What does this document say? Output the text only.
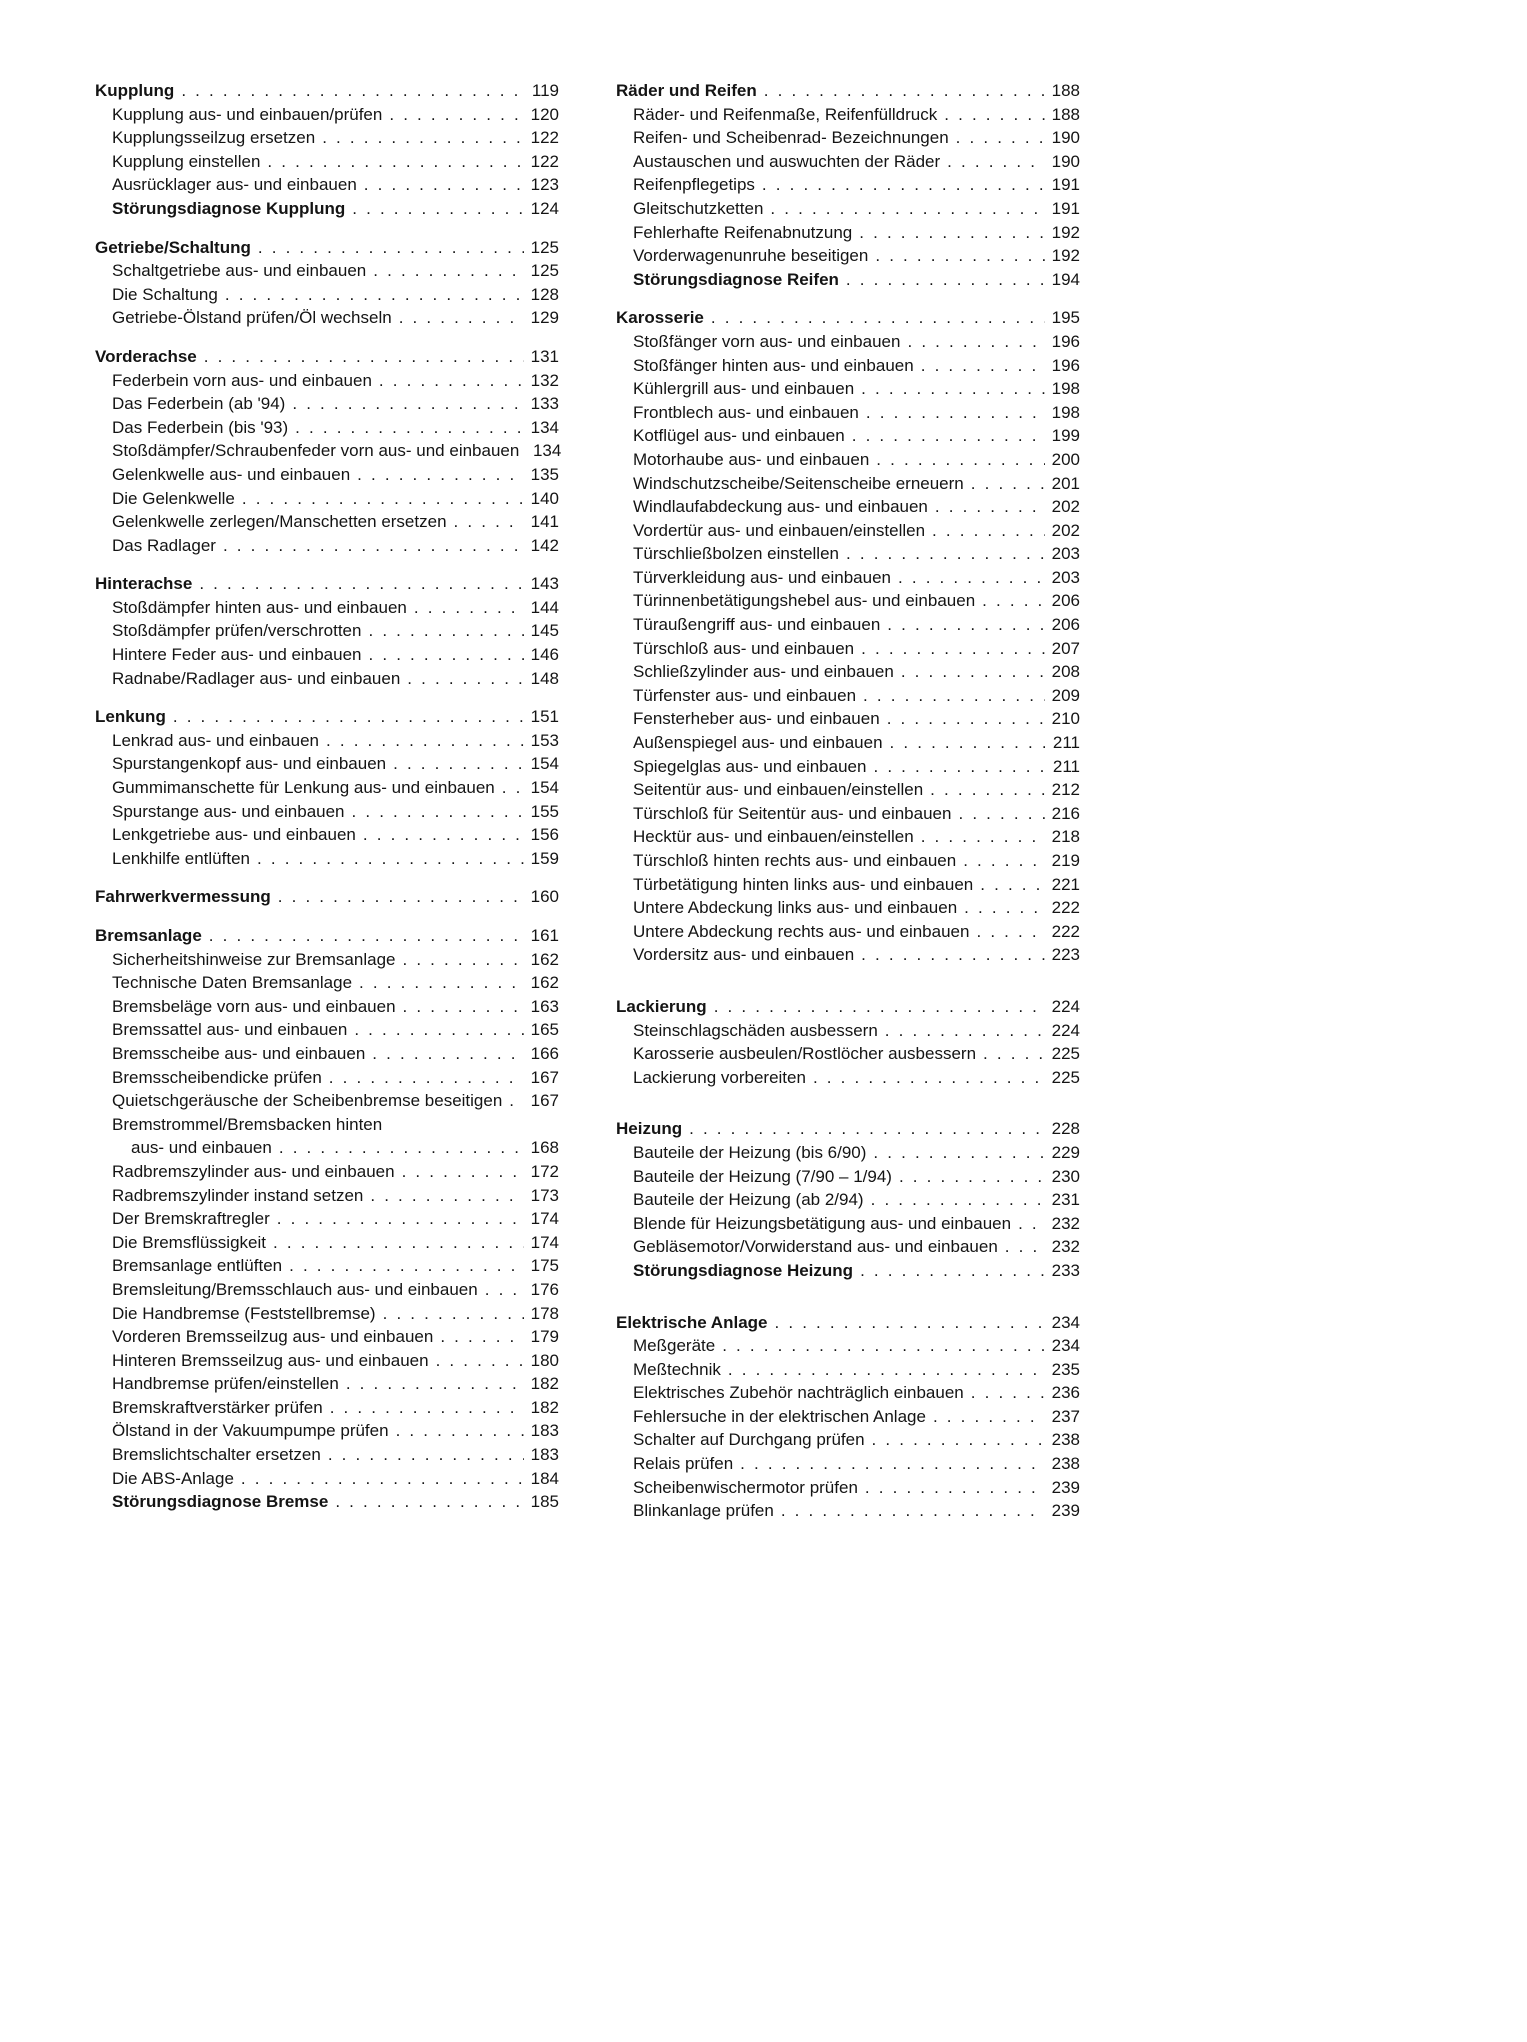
Kupplung . . .	119
Kupplung aus- und einbauen/prüfen . . .	120
Kupplungsseilzug ersetzen . . .	122
Kupplung einstellen . . .	122
Ausrücklager aus- und einbauen . . .	123
Störungsdiagnose Kupplung . . .	124
Getriebe/Schaltung . . .	125
Schaltgetriebe aus- und einbauen . . .	125
Die Schaltung . . .	128
Getriebe-Ölstand prüfen/Öl wechseln . . .	129
Vorderachse . . .	131
Federbein vorn aus- und einbauen . . .	132
Das Federbein (ab '94) . . .	133
Das Federbein (bis '93) . . .	134
Stoßdämpfer/Schraubenfeder vorn aus- und einbauen 134
Gelenkwelle aus- und einbauen . . .	135
Die Gelenkwelle . . .	140
Gelenkwelle zerlegen/Manschetten ersetzen . . .	141
Das Radlager . . .	142
Hinterachse . . .	143
Stoßdämpfer hinten aus- und einbauen . . .	144
Stoßdämpfer prüfen/verschrotten . . .	145
Hintere Feder aus- und einbauen . . .	146
Radnabe/Radlager aus- und einbauen . . .	148
Lenkung . . .	151
Lenkrad aus- und einbauen . . .	153
Spurstangenkopf aus- und einbauen . . .	154
Gummimanschette für Lenkung aus- und einbauen . . . 154
Spurstange aus- und einbauen . . .	155
Lenkgetriebe aus- und einbauen . . .	156
Lenkhilfe entlüften . . .	159
Fahrwerkvermessung . . .	160
Bremsanlage . . .	161
Sicherheitshinweise zur Bremsanlage . . .	162
Technische Daten Bremsanlage . . .	162
Bremsbeläge vorn aus- und einbauen . . .	163
Bremssattel aus- und einbauen . . .	165
Bremsscheibe aus- und einbauen . . .	166
Bremsscheibendicke prüfen . . .	167
Quietschgeräusche der Scheibenbremse beseitigen . . . 167
Bremstrommel/Bremsbacken hinten
aus- und einbauen . . .	168
Radbremszylinder aus- und einbauen . . .	172
Radbremszylinder instand setzen . . .	173
Der Bremskraftregler . . .	174
Die Bremsflüssigkeit . . .	174
Bremsanlage entlüften . . .	175
Bremsleitung/Bremsschlauch aus- und einbauen . . .	176
Die Handbremse (Feststellbremse) . . .	178
Vorderen Bremsseilzug aus- und einbauen . . .	179
Hinteren Bremsseilzug aus- und einbauen . . .	180
Handbremse prüfen/einstellen . . .	182
Bremskraftverstärker prüfen . . .	182
Ölstand in der Vakuumpumpe prüfen . . .	183
Bremslichtschalter ersetzen . . .	183
Die ABS-Anlage . . .	184
Störungsdiagnose Bremse . . .	185
Räder und Reifen . . .	188
Räder- und Reifenmaße, Reifenfülldruck . . .	188
Reifen- und Scheibenrad- Bezeichnungen . . .	190
Austauschen und auswuchten der Räder . . .	190
Reifenpflegetips . . .	191
Gleitschutzketten . . .	191
Fehlerhafte Reifenabnutzung . . .	192
Vorderwagenunruhe beseitigen . . .	192
Störungsdiagnose Reifen . . .	194
Karosserie . . .	195
Stoßfänger vorn aus- und einbauen . . .	196
Stoßfänger hinten aus- und einbauen . . .	196
Kühlergrill aus- und einbauen . . .	198
Frontblech aus- und einbauen . . .	198
Kotflügel aus- und einbauen . . .	199
Motorhaube aus- und einbauen . . .	200
Windschutzscheibe/Seitenscheibe erneuern . . .	201
Windlaufabdeckung aus- und einbauen . . .	202
Vordertür aus- und einbauen/einstellen . . .	202
Türschließbolzen einstellen . . .	203
Türverkleidung aus- und einbauen . . .	203
Türinnenbetätigungshebel aus- und einbauen . . .	206
Türaußengriff aus- und einbauen . . .	206
Türschloß aus- und einbauen . . .	207
Schließzylinder aus- und einbauen . . .	208
Türfenster aus- und einbauen . . .	209
Fensterheber aus- und einbauen . . .	210
Außenspiegel aus- und einbauen . . .	211
Spiegelglas aus- und einbauen . . .	211
Seitentür aus- und einbauen/einstellen . . .	212
Türschloß für Seitentür aus- und einbauen . . .	216
Hecktür aus- und einbauen/einstellen . . .	218
Türschloß hinten rechts aus- und einbauen . . .	219
Türbetätigung hinten links aus- und einbauen . . .	221
Untere Abdeckung links aus- und einbauen . . .	222
Untere Abdeckung rechts aus- und einbauen . . .	222
Vordersitz aus- und einbauen . . .	223
Lackierung . . .	224
Steinschlagschäden ausbessern . . .	224
Karosserie ausbeulen/Rostlöcher ausbessern . . .	225
Lackierung vorbereiten . . .	225
Heizung . . .	228
Bauteile der Heizung (bis 6/90) . . .	229
Bauteile der Heizung (7/90 – 1/94) . . .	230
Bauteile der Heizung (ab 2/94) . . .	231
Blende für Heizungsbetätigung aus- und einbauen . . . 232
Gebläsemotor/Vorwiderstand aus- und einbauen . . .	232
Störungsdiagnose Heizung . . .	233
Elektrische Anlage . . .	234
Meßgeräte . . .	234
Meßtechnik . . .	235
Elektrisches Zubehör nachträglich einbauen . . .	236
Fehlersuche in der elektrischen Anlage . . .	237
Schalter auf Durchgang prüfen . . .	238
Relais prüfen . . .	238
Scheibenwischermotor prüfen . . .	239
Blinkanlage prüfen . . .	239
